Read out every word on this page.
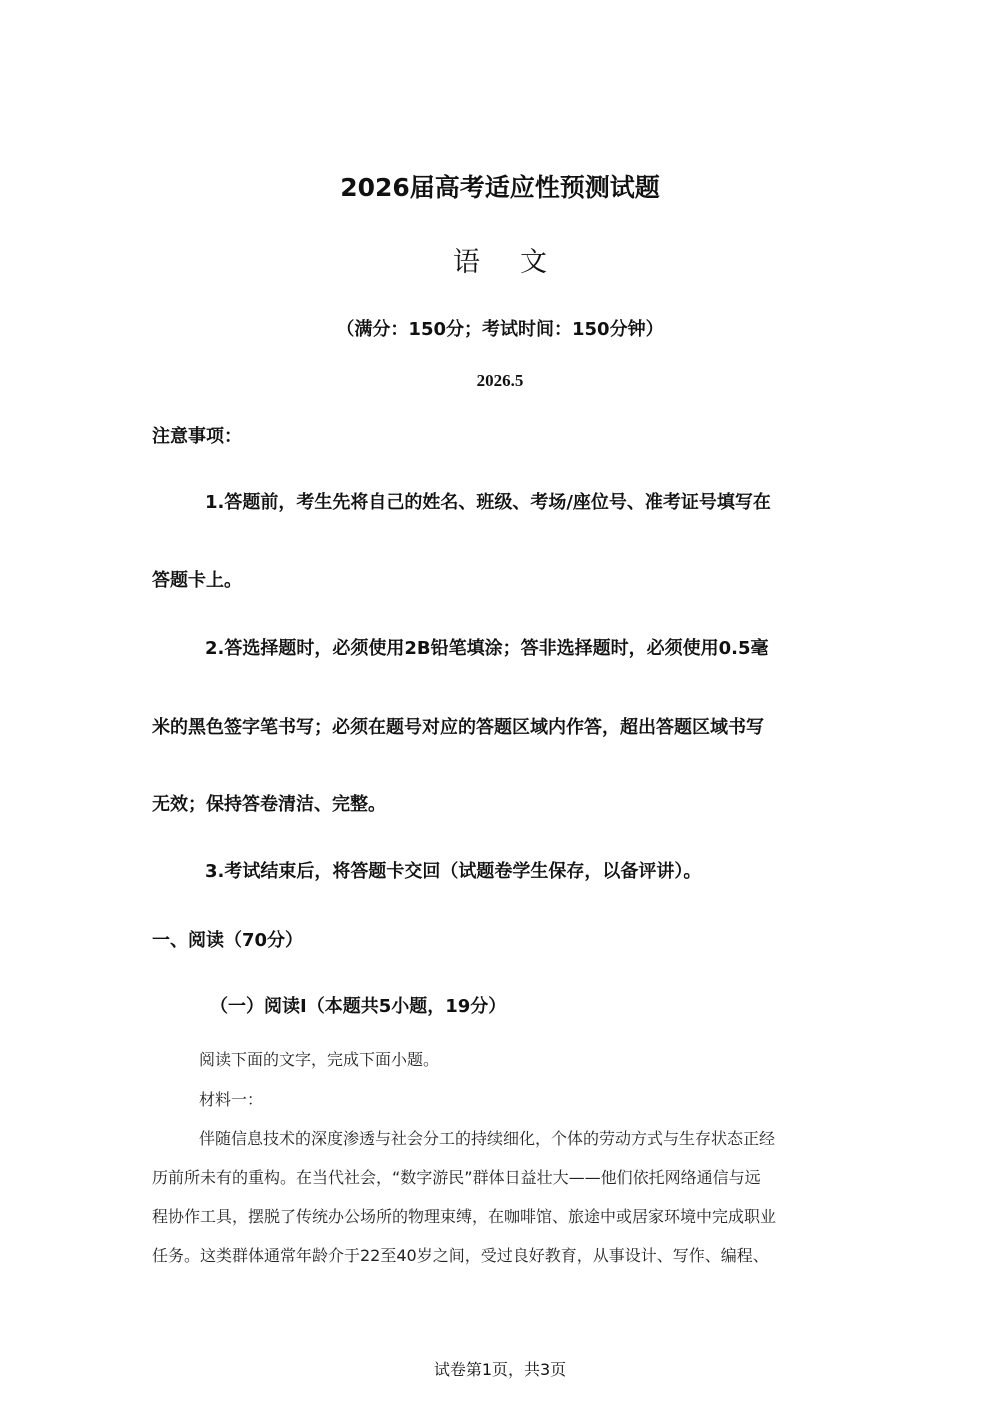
2026届高考适应性预测试题
语 文
（满分：150分；考试时间：150分钟）
2026.5
注意事项：
1.答题前，考生先将自己的姓名、班级、考场/座位号、准考证号填写在
答题卡上。
2.答选择题时，必须使用2B铅笔填涂；答非选择题时，必须使用0.5毫
米的黑色签字笔书写；必须在题号对应的答题区域内作答，超出答题区域书写
无效；保持答卷清洁、完整。
3.考试结束后，将答题卡交回（试题卷学生保存，以备评讲）。
一、阅读（70分）
（一）阅读I（本题共5小题，19分）
阅读下面的文字，完成下面小题。
材料一：
伴随信息技术的深度渗透与社会分工的持续细化，个体的劳动方式与生存状态正经
历前所未有的重构。在当代社会，“数字游民”群体日益壮大——他们依托网络通信与远
程协作工具，摆脱了传统办公场所的物理束缚，在咖啡馆、旅途中或居家环境中完成职业
任务。这类群体通常年龄介于22至40岁之间，受过良好教育，从事设计、写作、编程、
试卷第1页，共3页
